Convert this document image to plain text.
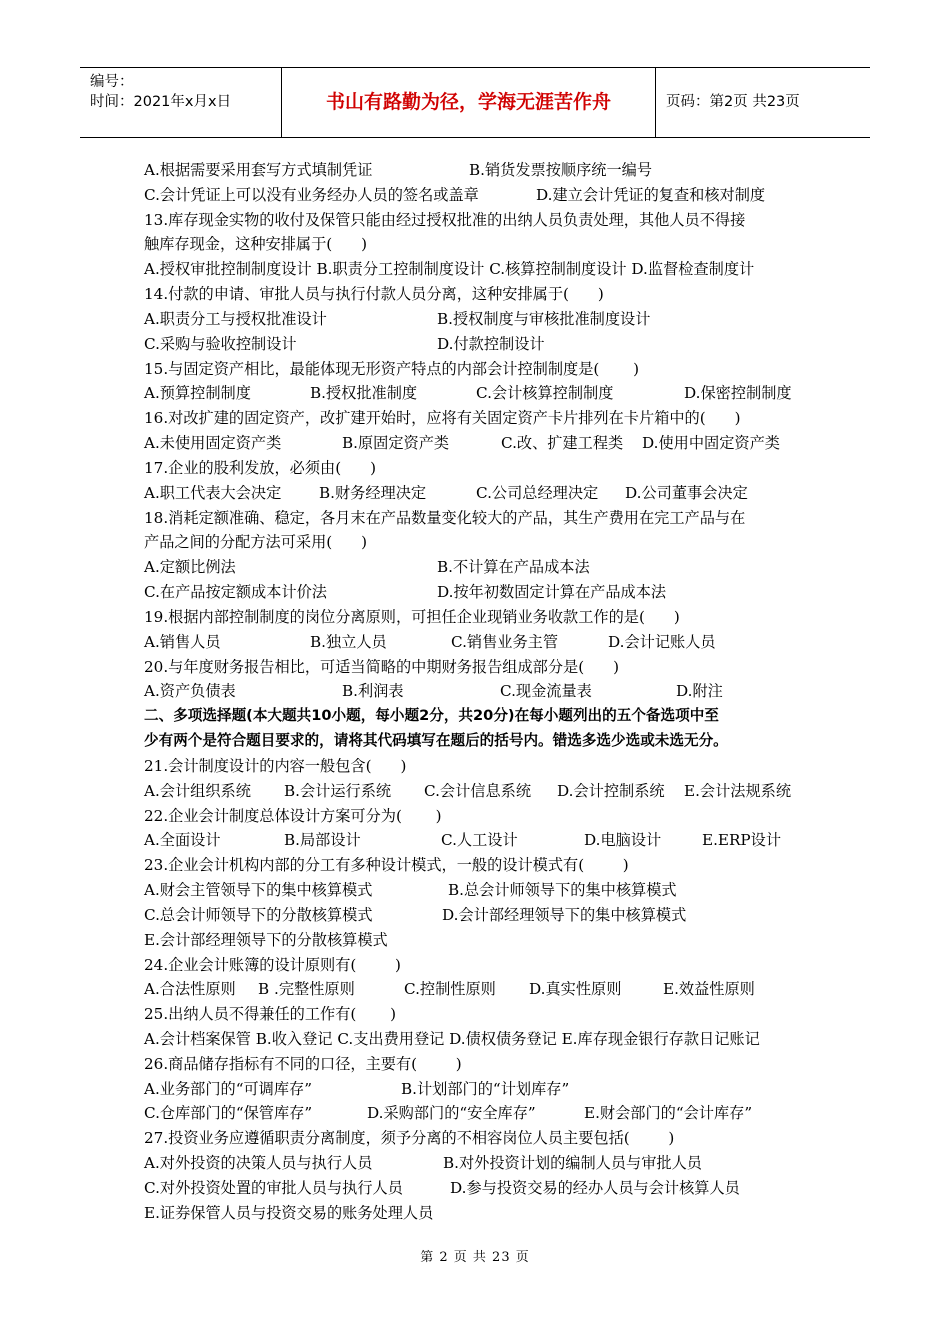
编号：
时间：2021年x月x日	书山有路勤为径，学海无涯苦作舟	页码：第2页 共23页
A.根据需要采用套写方式填制凭证	B.销货发票按顺序统一编号
C.会计凭证上可以没有业务经办人员的签名或盖章	D.建立会计凭证的复查和核对制度
13.库存现金实物的收付及保管只能由经过授权批准的出纳人员负责处理，其他人员不得接
触库存现金，这种安排属于(      )
A.授权审批控制制度设计 B.职责分工控制制度设计 C.核算控制制度设计 D.监督检查制度计
14.付款的申请、审批人员与执行付款人员分离，这种安排属于(      )
A.职责分工与授权批准设计	B.授权制度与审核批准制度设计
C.采购与验收控制设计	D.付款控制设计
15.与固定资产相比，最能体现无形资产特点的内部会计控制制度是(       )
A.预算控制制度	B.授权批准制度	C.会计核算控制制度	D.保密控制制度
16.对改扩建的固定资产，改扩建开始时，应将有关固定资产卡片排列在卡片箱中的(      )
A.未使用固定资产类	B.原固定资产类	C.改、扩建工程类 D.使用中固定资产类
17.企业的股利发放，必须由(      )
A.职工代表大会决定 B.财务经理决定	C.公司总经理决定 D.公司董事会决定
18.消耗定额准确、稳定，各月末在产品数量变化较大的产品，其生产费用在完工产品与在
产品之间的分配方法可采用(      )
A.定额比例法	B.不计算在产品成本法
C.在产品按定额成本计价法	D.按年初数固定计算在产品成本法
19.根据内部控制制度的岗位分离原则，可担任企业现销业务收款工作的是(      )
A.销售人员	B.独立人员	C.销售业务主管	D.会计记账人员
20.与年度财务报告相比，可适当简略的中期财务报告组成部分是(      )
A.资产负债表	B.利润表	C.现金流量表	D.附注
二、多项选择题(本大题共10小题，每小题2分，共20分)在每小题列出的五个备选项中至
少有两个是符合题目要求的，请将其代码填写在题后的括号内。错选多选少选或未选无分。
21.会计制度设计的内容一般包含(      )
A.会计组织系统 B.会计运行系统 C.会计信息系统 D.会计控制系统 E.会计法规系统
22.企业会计制度总体设计方案可分为(       )
A.全面设计	B.局部设计	C.人工设计	D.电脑设计	E.ERP设计
23.企业会计机构内部的分工有多种设计模式，一般的设计模式有(        )
A.财会主管领导下的集中核算模式	B.总会计师领导下的集中核算模式
C.总会计师领导下的分散核算模式	D.会计部经理领导下的集中核算模式
E.会计部经理领导下的分散核算模式
24.企业会计账簿的设计原则有(        )
A.合法性原则 B .完整性原则	C.控制性原则 D.真实性原则	E.效益性原则
25.出纳人员不得兼任的工作有(       )
A.会计档案保管 B.收入登记 C.支出费用登记 D.债权债务登记 E.库存现金银行存款日记账记
26.商品储存指标有不同的口径，主要有(        )
A.业务部门的“可调库存”	B.计划部门的“计划库存”
C.仓库部门的“保管库存”	D.采购部门的“安全库存”	E.财会部门的“会计库存”
27.投资业务应遵循职责分离制度，须予分离的不相容岗位人员主要包括(        )
A.对外投资的决策人员与执行人员	B.对外投资计划的编制人员与审批人员
C.对外投资处置的审批人员与执行人员	D.参与投资交易的经办人员与会计核算人员
E.证券保管人员与投资交易的账务处理人员
第 2 页 共 23 页
